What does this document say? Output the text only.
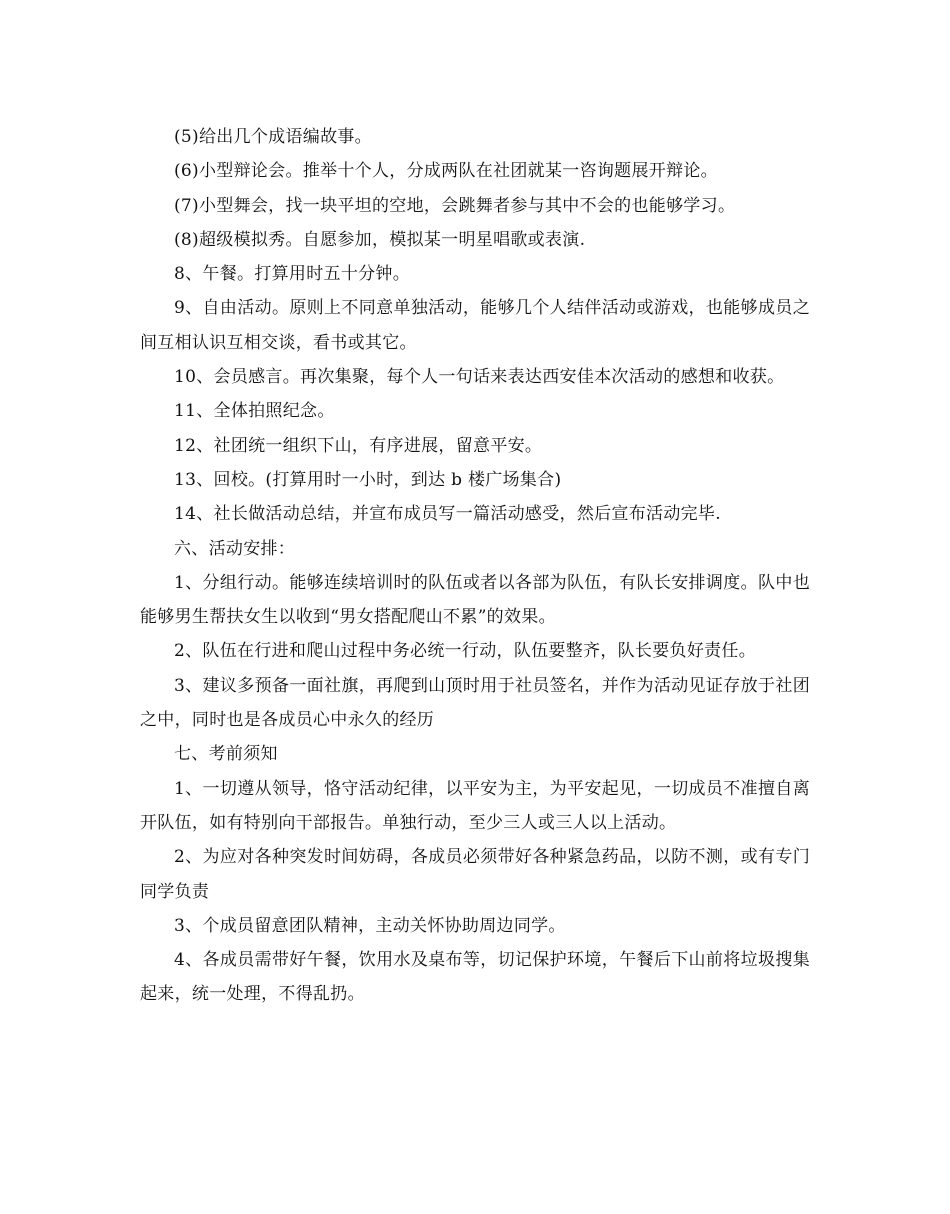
(5)给出几个成语编故事。

(6)小型辩论会。推举十个人，分成两队在社团就某一咨询题展开辩论。

(7)小型舞会，找一块平坦的空地，会跳舞者参与其中不会的也能够学习。

(8)超级模拟秀。自愿参加，模拟某一明星唱歌或表演.

8、午餐。打算用时五十分钟。

9、自由活动。原则上不同意单独活动，能够几个人结伴活动或游戏，也能够成员之间互相认识互相交谈，看书或其它。

10、会员感言。再次集聚，每个人一句话来表达西安佳本次活动的感想和收获。

11、全体拍照纪念。

12、社团统一组织下山，有序进展，留意平安。

13、回校。(打算用时一小时，到达 b 楼广场集合)

14、社长做活动总结，并宣布成员写一篇活动感受，然后宣布活动完毕.

六、活动安排：

1、分组行动。能够连续培训时的队伍或者以各部为队伍，有队长安排调度。队中也能够男生帮扶女生以收到“男女搭配爬山不累”的效果。

2、队伍在行进和爬山过程中务必统一行动，队伍要整齐，队长要负好责任。

3、建议多预备一面社旗，再爬到山顶时用于社员签名，并作为活动见证存放于社团之中，同时也是各成员心中永久的经历

七、考前须知

1、一切遵从领导，恪守活动纪律，以平安为主，为平安起见，一切成员不准擅自离开队伍，如有特别向干部报告。单独行动，至少三人或三人以上活动。

2、为应对各种突发时间妨碍，各成员必须带好各种紧急药品，以防不测，或有专门同学负责

3、个成员留意团队精神，主动关怀协助周边同学。

4、各成员需带好午餐，饮用水及桌布等，切记保护环境，午餐后下山前将垃圾搜集起来，统一处理，不得乱扔。
